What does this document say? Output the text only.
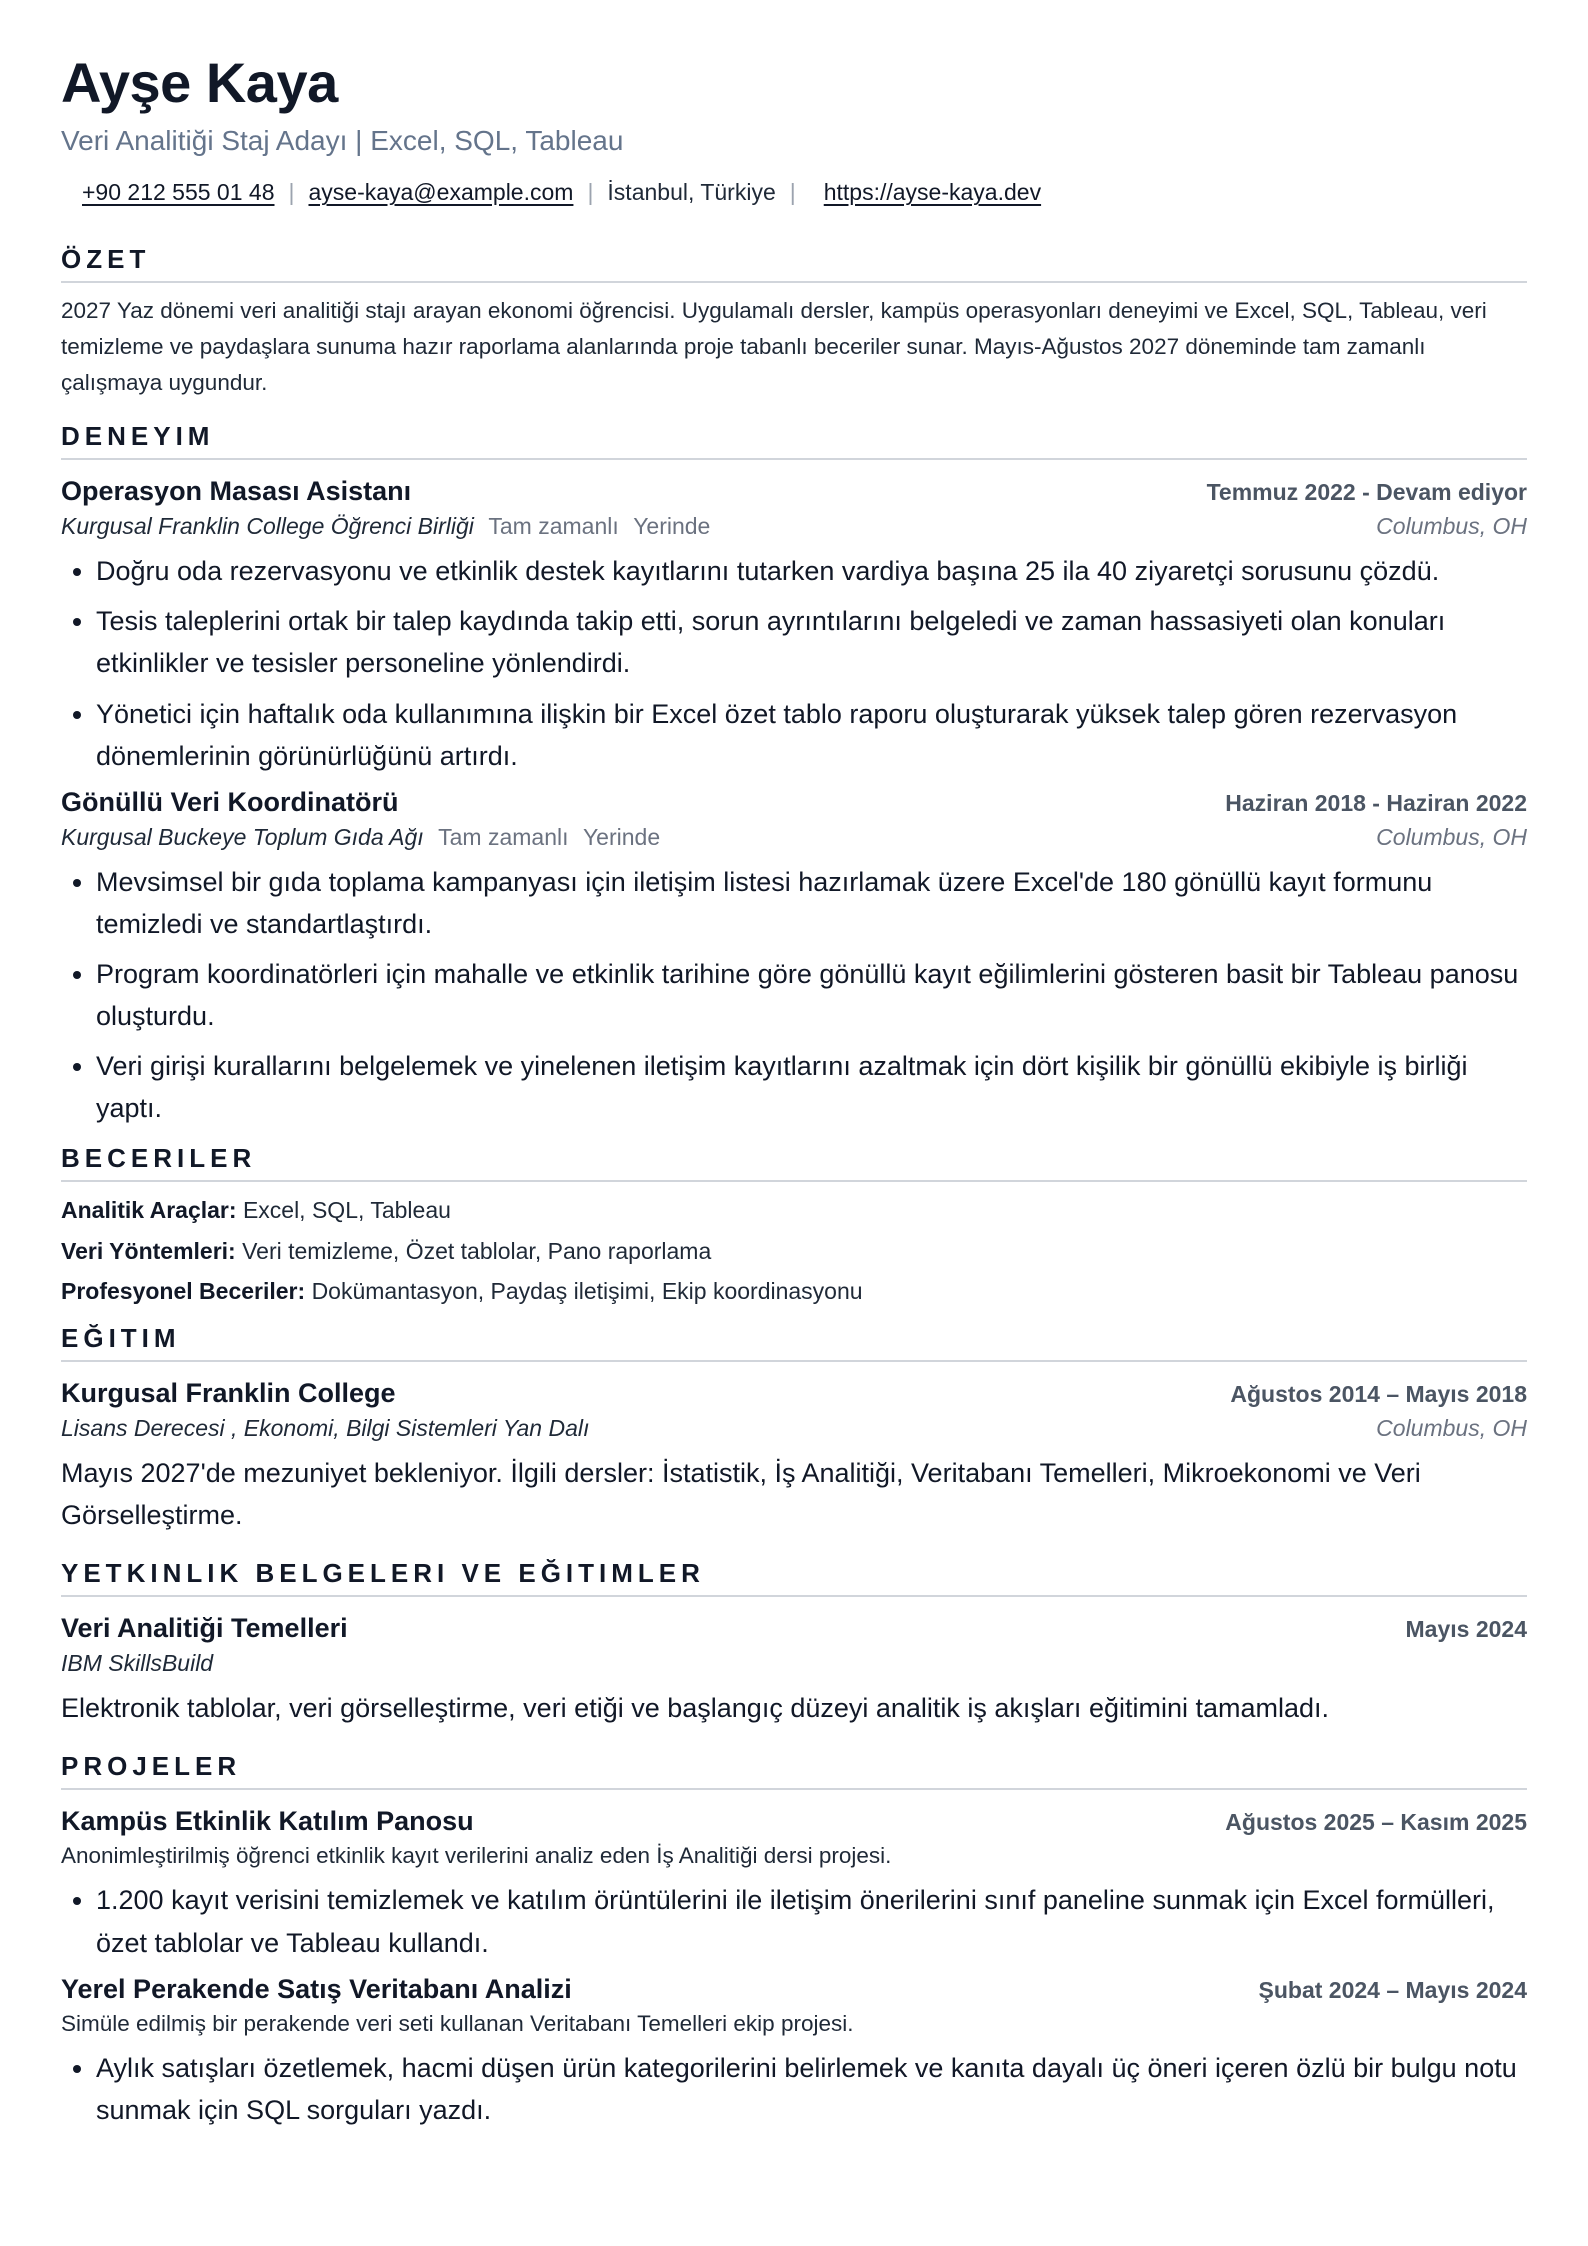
Ayşe Kaya
Veri Analitiği Staj Adayı | Excel, SQL, Tableau
+90 212 555 01 48 | ayse-kaya@example.com | İstanbul, Türkiye | https://ayse-kaya.dev
ÖZET
2027 Yaz dönemi veri analitiği stajı arayan ekonomi öğrencisi. Uygulamalı dersler, kampüs operasyonları deneyimi ve Excel, SQL, Tableau, veri temizleme ve paydaşlara sunuma hazır raporlama alanlarında proje tabanlı beceriler sunar. Mayıs-Ağustos 2027 döneminde tam zamanlı çalışmaya uygundur.
DENEYIM
Operasyon Masası Asistanı	Temmuz 2022 - Devam ediyor
Kurgusal Franklin College Öğrenci Birliği Tam zamanlı Yerinde	Columbus, OH
• Doğru oda rezervasyonu ve etkinlik destek kayıtlarını tutarken vardiya başına 25 ila 40 ziyaretçi sorusunu çözdü.
• Tesis taleplerini ortak bir talep kaydında takip etti, sorun ayrıntılarını belgeledi ve zaman hassasiyeti olan konuları etkinlikler ve tesisler personeline yönlendirdi.
• Yönetici için haftalık oda kullanımına ilişkin bir Excel özet tablo raporu oluşturarak yüksek talep gören rezervasyon dönemlerinin görünürlüğünü artırdı.
Gönüllü Veri Koordinatörü	Haziran 2018 - Haziran 2022
Kurgusal Buckeye Toplum Gıda Ağı Tam zamanlı Yerinde	Columbus, OH
• Mevsimsel bir gıda toplama kampanyası için iletişim listesi hazırlamak üzere Excel'de 180 gönüllü kayıt formunu temizledi ve standartlaştırdı.
• Program koordinatörleri için mahalle ve etkinlik tarihine göre gönüllü kayıt eğilimlerini gösteren basit bir Tableau panosu oluşturdu.
• Veri girişi kurallarını belgelemek ve yinelenen iletişim kayıtlarını azaltmak için dört kişilik bir gönüllü ekibiyle iş birliği yaptı.
BECERILER
Analitik Araçlar: Excel, SQL, Tableau
Veri Yöntemleri: Veri temizleme, Özet tablolar, Pano raporlama
Profesyonel Beceriler: Dokümantasyon, Paydaş iletişimi, Ekip koordinasyonu
EĞITIM
Kurgusal Franklin College	Ağustos 2014 – Mayıs 2018
Lisans Derecesi , Ekonomi, Bilgi Sistemleri Yan Dalı	Columbus, OH
Mayıs 2027'de mezuniyet bekleniyor. İlgili dersler: İstatistik, İş Analitiği, Veritabanı Temelleri, Mikroekonomi ve Veri Görselleştirme.
YETKINLIK BELGELERI VE EĞITIMLER
Veri Analitiği Temelleri	Mayıs 2024
IBM SkillsBuild
Elektronik tablolar, veri görselleştirme, veri etiği ve başlangıç düzeyi analitik iş akışları eğitimini tamamladı.
PROJELER
Kampüs Etkinlik Katılım Panosu	Ağustos 2025 – Kasım 2025
Anonimleştirilmiş öğrenci etkinlik kayıt verilerini analiz eden İş Analitiği dersi projesi.
• 1.200 kayıt verisini temizlemek ve katılım örüntülerini ile iletişim önerilerini sınıf paneline sunmak için Excel formülleri, özet tablolar ve Tableau kullandı.
Yerel Perakende Satış Veritabanı Analizi	Şubat 2024 – Mayıs 2024
Simüle edilmiş bir perakende veri seti kullanan Veritabanı Temelleri ekip projesi.
• Aylık satışları özetlemek, hacmi düşen ürün kategorilerini belirlemek ve kanıta dayalı üç öneri içeren özlü bir bulgu notu sunmak için SQL sorguları yazdı.
